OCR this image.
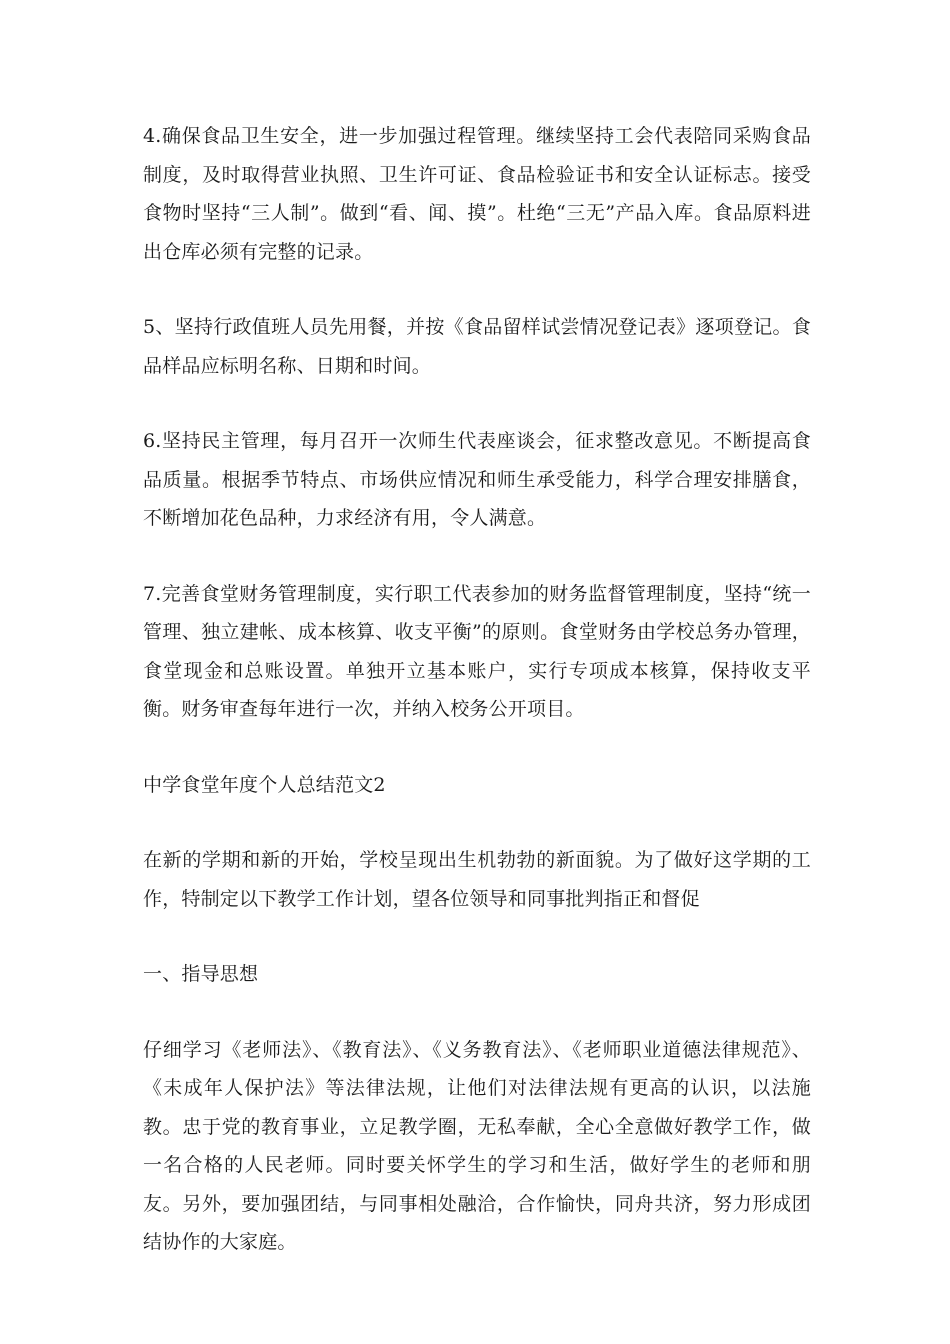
4.确保食品卫生安全，进一步加强过程管理。继续坚持工会代表陪同采购食品制度，及时取得营业执照、卫生许可证、食品检验证书和安全认证标志。接受食物时坚持“三人制”。做到“看、闻、摸”。杜绝“三无”产品入库。食品原料进出仓库必须有完整的记录。

5、坚持行政值班人员先用餐，并按《食品留样试尝情况登记表》逐项登记。食品样品应标明名称、日期和时间。

6.坚持民主管理，每月召开一次师生代表座谈会，征求整改意见。不断提高食品质量。根据季节特点、市场供应情况和师生承受能力，科学合理安排膳食，不断增加花色品种，力求经济有用，令人满意。

7.完善食堂财务管理制度，实行职工代表参加的财务监督管理制度，坚持“统一管理、独立建帐、成本核算、收支平衡”的原则。食堂财务由学校总务办管理，食堂现金和总账设置。单独开立基本账户，实行专项成本核算，保持收支平衡。财务审查每年进行一次，并纳入校务公开项目。

中学食堂年度个人总结范文2

在新的学期和新的开始，学校呈现出生机勃勃的新面貌。为了做好这学期的工作，特制定以下教学工作计划，望各位领导和同事批判指正和督促

一、指导思想

仔细学习《老师法》、《教育法》、《义务教育法》、《老师职业道德法律规范》、《未成年人保护法》等法律法规，让他们对法律法规有更高的认识，以法施教。忠于党的教育事业，立足教学圈，无私奉献，全心全意做好教学工作，做一名合格的人民老师。同时要关怀学生的学习和生活，做好学生的老师和朋友。另外，要加强团结，与同事相处融洽，合作愉快，同舟共济，努力形成团结协作的大家庭。
